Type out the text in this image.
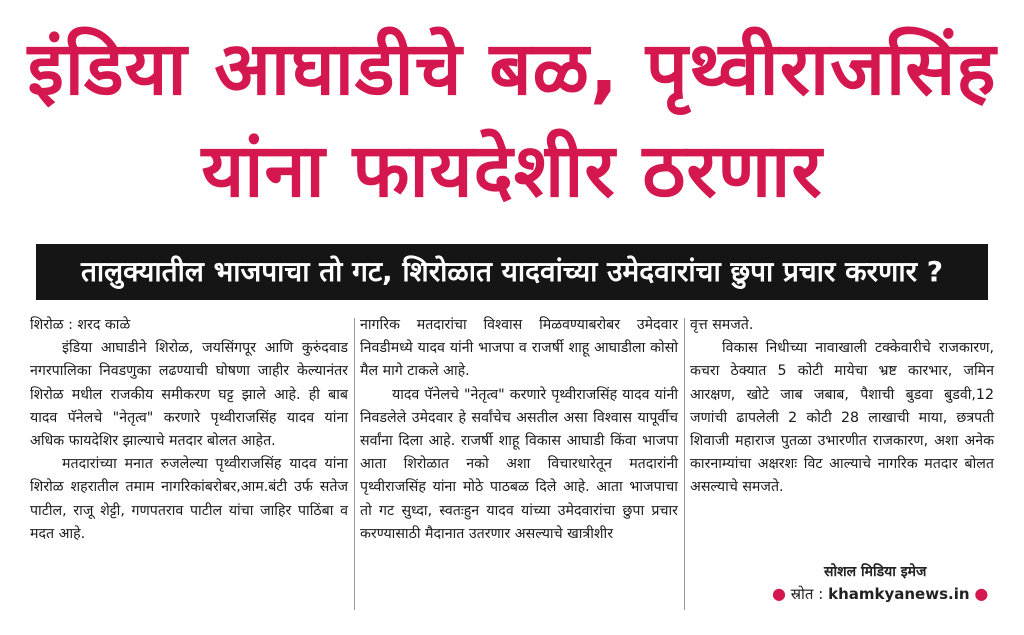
इंडिया आघाडीचे बळ, पृथ्वीराजसिंह
यांना फायदेशीर ठरणार
तालुक्यातील भाजपाचा तो गट, शिरोळात यादवांच्या उमेदवारांचा छुपा प्रचार करणार ?

शिरोळ : शरद काळे

इंडिया आघाडीने शिरोळ, जयसिंगपूर आणि कुरुंदवाड नगरपालिका निवडणुका लढण्याची घोषणा जाहीर केल्यानंतर शिरोळ मधील राजकीय समीकरण घट्ट झाले आहे. ही बाब यादव पॅनेलचे "नेतृत्व" करणारे पृथ्वीराजसिंह यादव यांना अधिक फायदेशिर झाल्याचे मतदार बोलत आहेत.

मतदारांच्या मनात रुजलेल्या पृथ्वीराजसिंह यादव यांना शिरोळ शहरातील तमाम नागरिकांबरोबर,आम.बंटी उर्फ सतेज पाटील, राजू शेट्टी, गणपतराव पाटील यांचा जाहिर पाठिंबा व मदत आहे.

नागरिक मतदारांचा विश्वास मिळवण्याबरोबर उमेदवार निवडीमध्ये यादव यांनी भाजपा व राजर्षी शाहू आघाडीला कोसो मैल मागे टाकले आहे.

यादव पॅनेलचे "नेतृत्व" करणारे पृथ्वीराजसिंह यादव यांनी निवडलेले उमेदवार हे सर्वांचेच असतील असा विश्वास यापूर्वीच सर्वांना दिला आहे. राजर्षी शाहू विकास आघाडी किंवा भाजपा आता शिरोळात नको अशा विचारधारेतून मतदारांनी पृथ्वीराजसिंह यांना मोठे पाठबळ दिले आहे. आता भाजपाचा तो गट सुध्दा, स्वतःहुन यादव यांच्या उमेदवारांचा छुपा प्रचार करण्यासाठी मैदानात उतरणार असल्याचे खात्रीशीर

वृत्त समजते.

विकास निधीच्या नावाखाली टक्केवारीचे राजकारण, कचरा ठेक्यात 5 कोटी मायेचा भ्रष्ट कारभार, जमिन आरक्षण, खोटे जाब जबाब, पैशाची बुडवा बुडवी,12 जणांची ढापलेली 2 कोटी 28 लाखाची माया, छत्रपती शिवाजी महाराज पुतळा उभारणीत राजकारण, अशा अनेक कारनाम्यांचा अक्षरशः विट आल्याचे नागरिक मतदार बोलत असल्याचे समजते.

सोशल मिडिया इमेज
● स्रोत : khamkyanews.in ●
